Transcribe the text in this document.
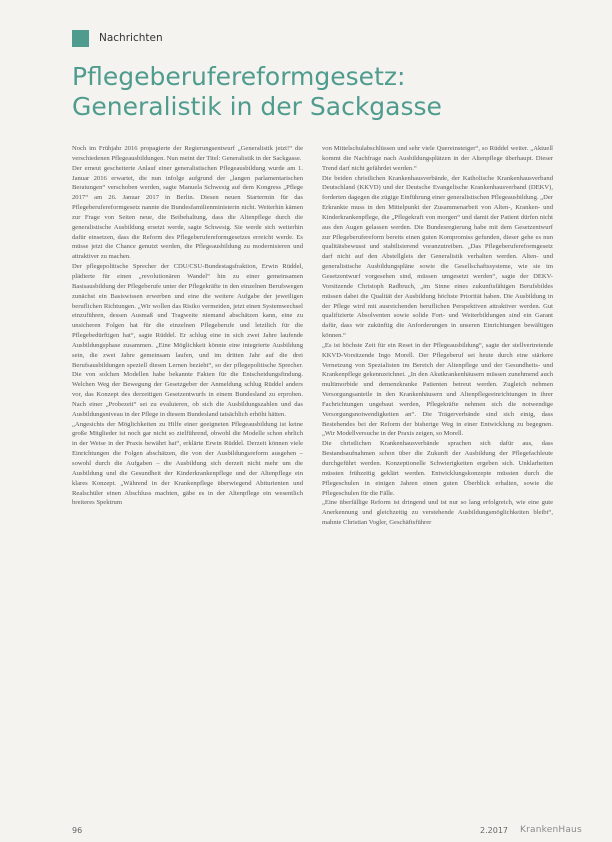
Nachrichten
Pflegeberufereformgesetz:
Generalistik in der Sackgasse

Noch im Frühjahr 2016 propagierte der Regierungsentwurf „Generalistik jetzt!“ die verschiedenen Pflegeausbildungen. Nun meint der Titel: Generalistik in der Sackgasse.

Der erneut gescheiterte Anlauf einer generalistischen Pflegeausbildung wurde am 1. Januar 2016 erwartet, die nun infolge aufgrund der „langen parlamentarischen Beratungen“ verschoben werden, sagte Manuela Schwesig auf dem Kongress „Pflege 2017“ am 26. Januar 2017 in Berlin. Diesen neuen Startermin für das Pflegeberufereformgesetz nannte die Bundesfamilienministerin nicht. Weiterhin kämen zur Frage von Seiten neue, die Beibehaltung, dass die Altenpflege durch die generalistische Ausbildung ersetzt werde, sagte Schwesig. Sie werde sich weiterhin dafür einsetzen, dass die Reform des Pflegeberufereformgesetzes erreicht werde. Es müsse jetzt die Chance genutzt werden, die Pflegeausbildung zu modernisieren und attraktiver zu machen.

Der pflegepolitische Sprecher der CDU/CSU-Bundestagsfraktion, Erwin Rüddel, plädierte für einen „revolutionären Wandel“ hin zu einer gemeinsamen Basisausbildung der Pflegeberufe unter der Pflegekräfte in den einzelnen Berufswegen zunächst ein Basiswissen erwerben und eine die weitere Aufgabe der jeweiligen beruflichen Richtungen. „Wir wollen das Risiko vermeiden, jetzt einen Systemwechsel einzuführen, dessen Ausmaß und Tragweite niemand abschätzen kann, eine zu unsicheren Folgen hat für die einzelnen Pflegeberufe und letztlich für die Pflegebedürftigen hat“, sagte Rüddel. Er schlug eine in sich zwei Jahre laufende Ausbildungsphase zusammen. „Eine Möglichkeit könnte eine integrierte Ausbildung sein, die zwei Jahre gemeinsam laufen, und im dritten Jahr auf die drei Berufsausbildungen speziell diesen Lernen bezieht“, so der pflegepolitische Sprecher. Die von solchen Modellen habe bekannte Fakten für die Entscheidungsfindung. Welchen Weg der Bewegung der Gesetzgeber der Anmeldung schlug Rüddel anders vor, das Konzept des derzeitigen Gesetzentwurfs in einem Bundesland zu erproben. Nach einer „Probezeit“ sei zu evaluieren, ob sich die Ausbildungszahlen und das Ausbildungsniveau in der Pflege in diesem Bundesland tatsächlich erhöht hätten.

„Angesichts der Möglichkeiten zu Hilfe einer geeigneten Pflegeausbildung ist keine große Mitglieder ist noch gar nicht so zielführend, obwohl die Modelle schon ehrlich in der Weise in der Praxis bewährt hat“, erklärte Erwin Rüddel. Derzeit können viele Einrichtungen die Folgen abschätzen, die von der Ausbildungsreform ausgehen – sowohl durch die Aufgaben – die Ausbildung sich derzeit nicht mehr um die Ausbildung und die Gesundheit der Kinderkrankenpflege und der Altenpflege ein klares Konzept. „Während in der Krankenpflege überwiegend Abiturienten und Realschüler einen Abschluss machten, gäbe es in der Altenpflege ein wesentlich breiteres Spektrum

von Mittelschulabschlüssen und sehr viele Quereinsteiger“, so Rüddel weiter. „Aktuell kommt die Nachfrage nach Ausbildungsplätzen in der Altenpflege überhaupt. Dieser Trend darf nicht gefährdet werden.“

Die beiden christlichen Krankenhausverbände, der Katholische Krankenhausverband Deutschland (KKVD) und der Deutsche Evangelische Krankenhausverband (DEKV), forderten dagegen die zügige Einführung einer generalistischen Pflegeausbildung. „Der Erkrankte muss in den Mittelpunkt der Zusammenarbeit von Alten-, Kranken- und Kinderkrankenpflege, die „Pflegekraft von morgen“ und damit der Patient dürfen nicht aus den Augen gelassen werden. Die Bundesregierung habe mit dem Gesetzentwurf zur Pflegeberufereform bereits einen guten Kompromiss gefunden, dieser gehe es nun qualitätsbewusst und stabilisierend voranzutreiben. „Das Pflegeberufereformgesetz darf nicht auf den Abstellgleis der Generalistik verhalten werden. Alten- und generalistische Ausbildungspläne sowie die Gesellschaftssysteme, wie sie im Gesetzentwurf vorgesehen sind, müssen umgesetzt werden“, sagte der DEKV-Vorsitzende Christoph Radbruch, „im Sinne eines zukunftsfähigen Berufsbildes müssen dabei die Qualität der Ausbildung höchste Priorität haben. Die Ausbildung in der Pflege wird mit ausreichenden beruflichen Perspektiven attraktiver werden. Gut qualifizierte Absolventen sowie solide Fort- und Weiterbildungen sind ein Garant dafür, dass wir zukünftig die Anforderungen in unseren Einrichtungen bewältigen können.“

„Es ist höchste Zeit für ein Reset in der Pflegeausbildung“, sagte der stellvertretende KKVD-Vorsitzende Ingo Morell. Der Pflegeberuf sei heute durch eine stärkere Vernetzung von Spezialisten im Bereich der Altenpflege und der Gesundheits- und Krankenpflege gekennzeichnet. „In den Akutkrankenhäusern müssen zunehmend auch multimorbide und demenzkranke Patienten betreut werden. Zugleich nehmen Versorgungsanteile in den Krankenhäusern und Altenpflegeeinrichtungen in ihrer Fachrichtungen ungebaut werden, Pflegekräfte nehmen sich die notwendige Versorgungsnotwendigkeiten an“. Die Trägerverbände sind sich einig, dass Bestehendes bei der Reform der bisherige Weg in einer Entwicklung zu begegnen. „Wir Modellversuche in der Praxis zeigen, so Morell.

Die christlichen Krankenhausverbände sprachen sich dafür aus, dass Bestandsaufnahmen schon über die Zukunft der Ausbildung der Pflegefachleute durchgeführt werden. Konzeptionelle Schwierigkeiten ergeben sich. Unklarheiten müssten frühzeitig geklärt werden. Entwicklungskonzepte müssten durch die Pflegeschulen in einigen Jahren einen guten Überblick erhalten, sowie die Pflegeschulen für die Fälle.

„Eine überfällige Reform ist dringend und ist nur so lang erfolgreich, wie eine gute Anerkennung und gleichzeitig zu verstehende Ausbildungsmöglichkeiten bleibt“, mahnte Christian Vogler, Geschäftsführer

96	2.2017 KrankenHaus
